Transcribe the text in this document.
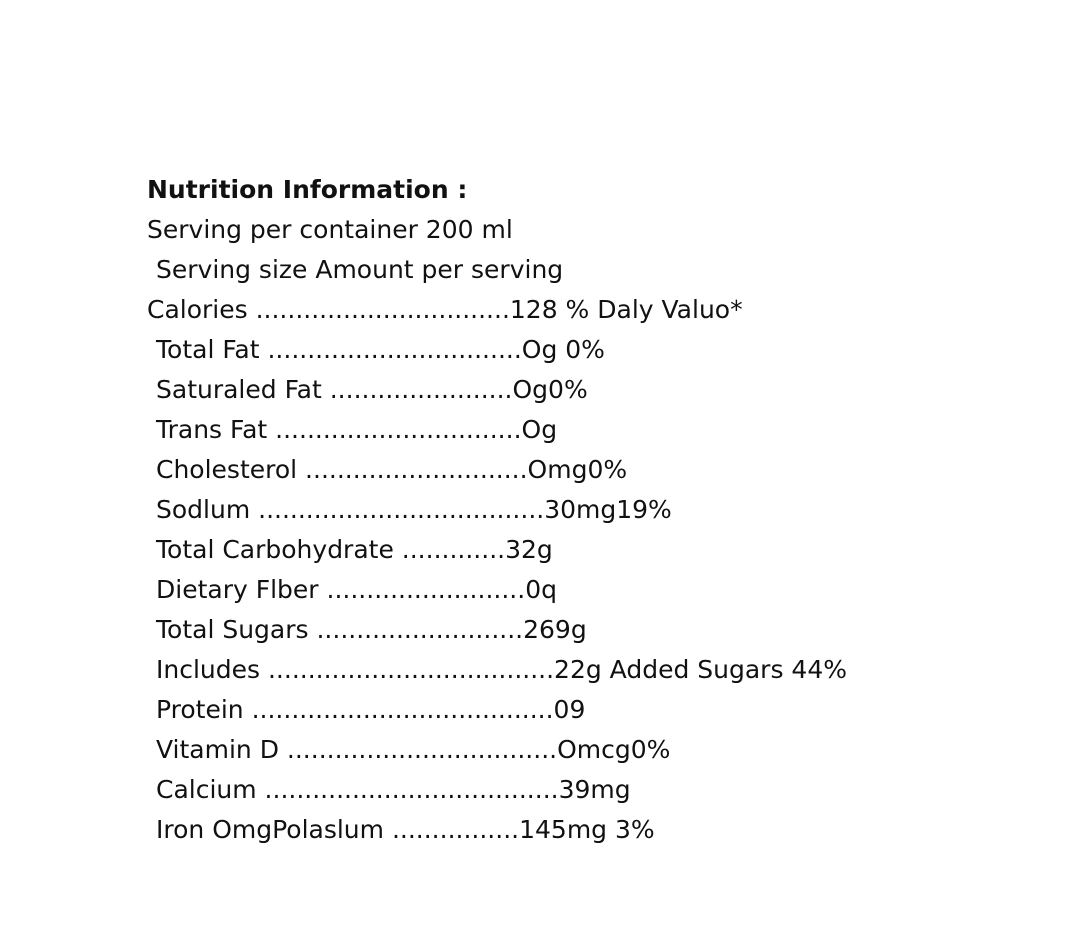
Nutrition Information :
Serving per container 200 ml
Serving size Amount per serving
Calories ................................128 % Daly Valuo*
Total Fat ................................Og 0%
Saturaled Fat .......................Og0%
Trans Fat ...............................Og
Cholesterol ............................Omg0%
Sodlum ....................................30mg19%
Total Carbohydrate .............32g
Dietary Flber .........................0q
Total Sugars ..........................269g
Includes ....................................22g Added Sugars 44%
Protein ......................................09
Vitamin D ..................................Omcg0%
Calcium .....................................39mg
Iron OmgPolaslum ................145mg 3%
